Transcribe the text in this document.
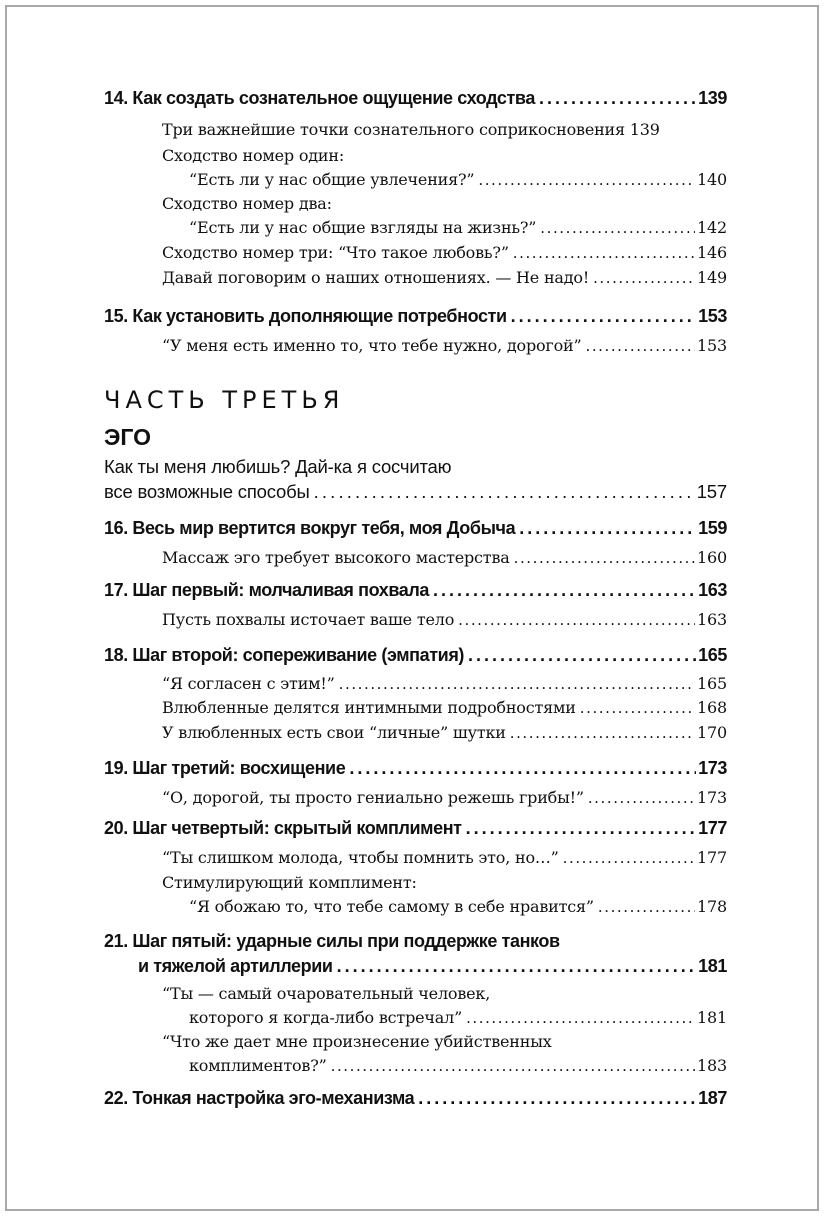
14. Как создать сознательное ощущение сходства . . .	139
Три важнейшие точки сознательного соприкосновения 139
Сходство номер один:
“Есть ли у нас общие увлечения?” . . .	140
Сходство номер два:
“Есть ли у нас общие взгляды на жизнь?” . . .	142
Сходство номер три: “Что такое любовь?” . . .	146
Давай поговорим о наших отношениях. — Не надо! . . .	149
15. Как установить дополняющие потребности . . .	153
“У меня есть именно то, что тебе нужно, дорогой” . . .	153
ЧАСТЬ ТРЕТЬЯ
ЭГО
Как ты меня любишь? Дай-ка я сосчитаю
все возможные способы . . .	157
16. Весь мир вертится вокруг тебя, моя Добыча . . .	159
Массаж эго требует высокого мастерства . . .	160
17. Шаг первый: молчаливая похвала . . .	163
Пусть похвалы источает ваше тело . . .	163
18. Шаг второй: сопереживание (эмпатия) . . .	165
“Я согласен с этим!” . . .	165
Влюбленные делятся интимными подробностями . . .	168
У влюбленных есть свои “личные” шутки . . .	170
19. Шаг третий: восхищение . . .	173
“О, дорогой, ты просто гениально режешь грибы!” . . .	173
20. Шаг четвертый: скрытый комплимент . . .	177
“Ты слишком молода, чтобы помнить это, но…” . . .	177
Стимулирующий комплимент:
“Я обожаю то, что тебе самому в себе нравится” . . .	178
21. Шаг пятый: ударные силы при поддержке танков
и тяжелой артиллерии . . .	181
“Ты — самый очаровательный человек,
которого я когда-либо встречал” . . .	181
“Что же дает мне произнесение убийственных
комплиментов?” . . .	183
22. Тонкая настройка эго-механизма . . .	187
